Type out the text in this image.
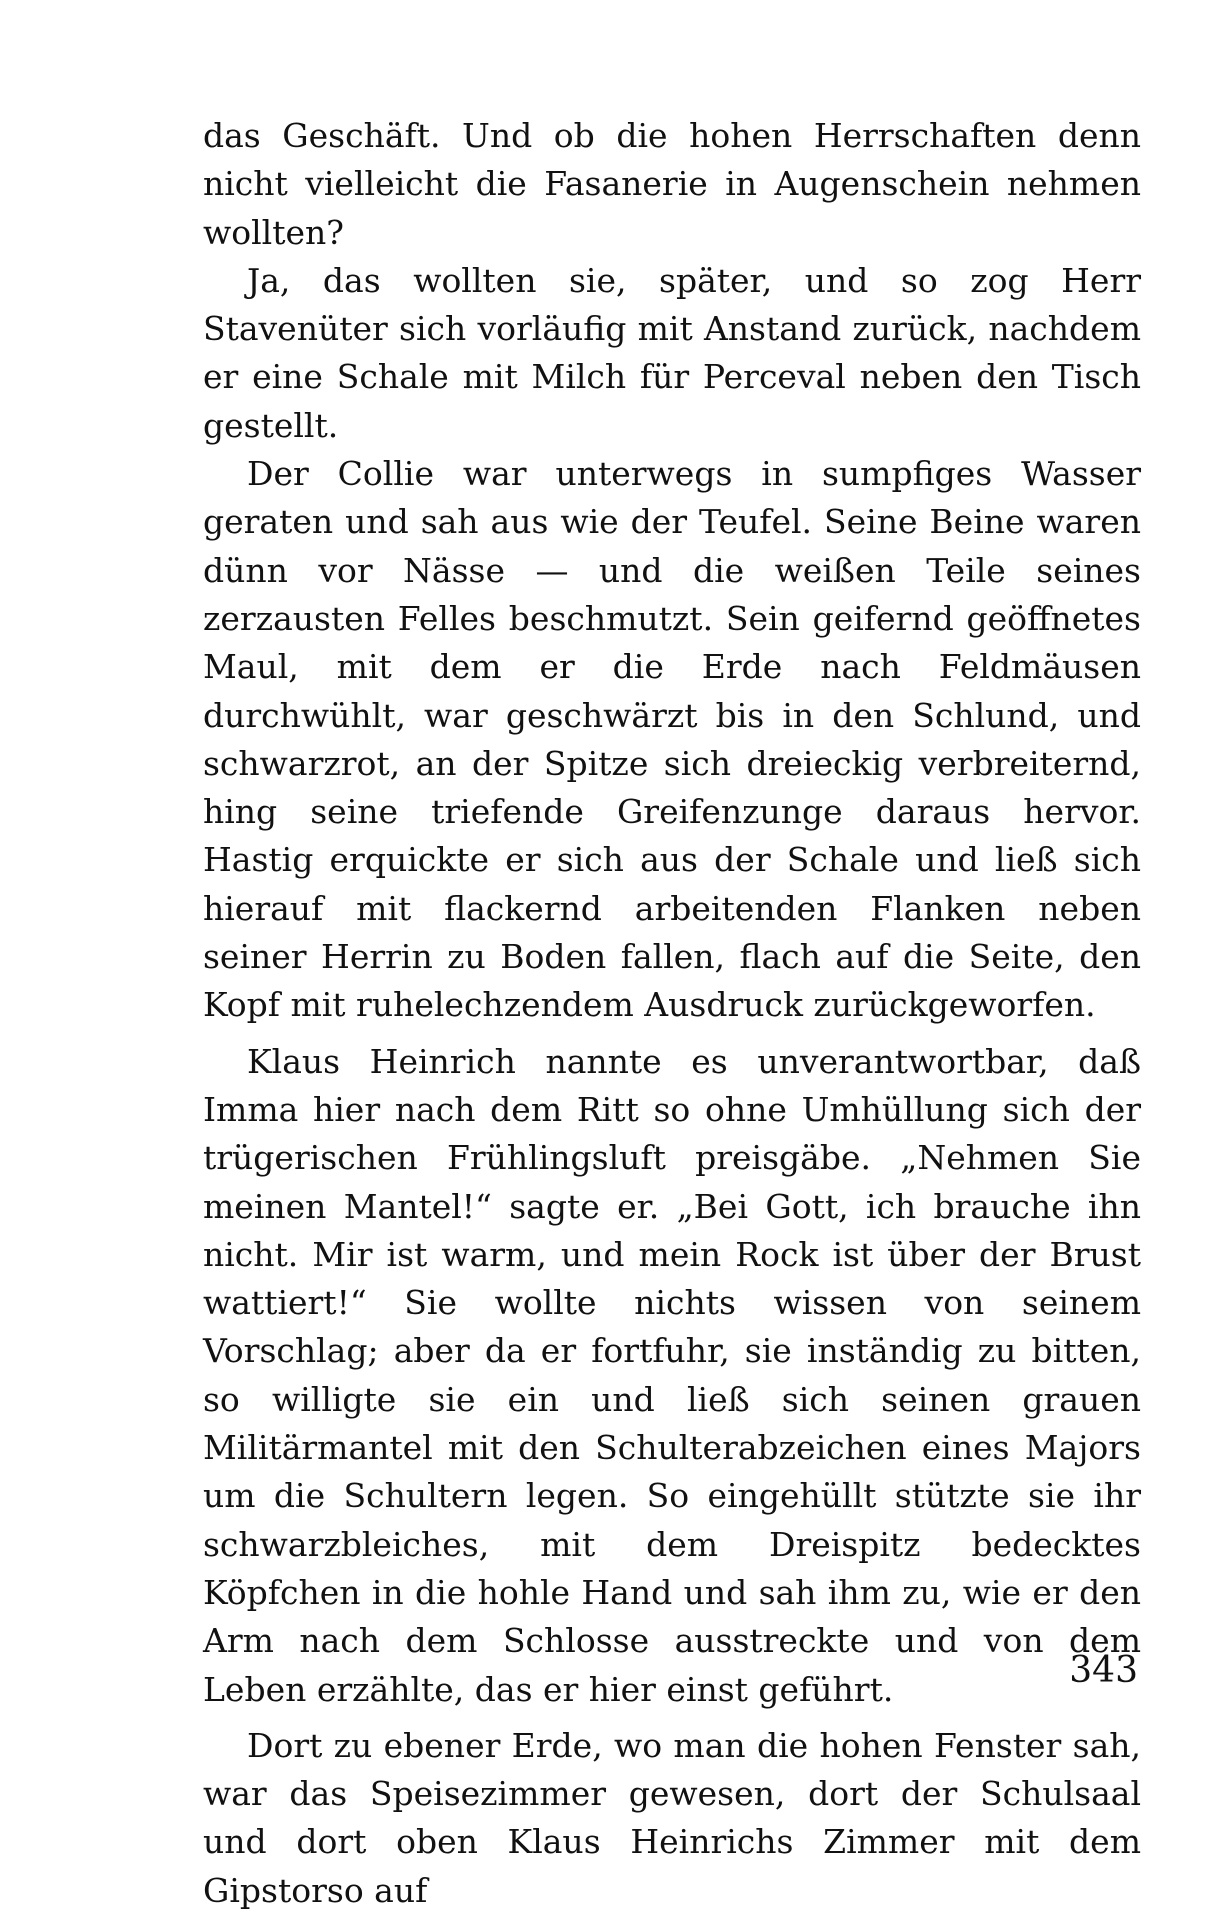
das Geschäft. Und ob die hohen Herrschaften denn nicht vielleicht die Fasanerie in Augenschein nehmen wollten?

Ja, das wollten sie, später, und so zog Herr Stavenüter sich vorläufig mit Anstand zurück, nachdem er eine Schale mit Milch für Perceval neben den Tisch gestellt.

Der Collie war unterwegs in sumpfiges Wasser geraten und sah aus wie der Teufel. Seine Beine waren dünn vor Nässe — und die weißen Teile seines zerzausten Felles beschmutzt. Sein geifernd geöffnetes Maul, mit dem er die Erde nach Feldmäusen durchwühlt, war geschwärzt bis in den Schlund, und schwarzrot, an der Spitze sich dreieckig verbreiternd, hing seine triefende Greifenzunge daraus hervor. Hastig erquickte er sich aus der Schale und ließ sich hierauf mit flackernd arbeitenden Flanken neben seiner Herrin zu Boden fallen, flach auf die Seite, den Kopf mit ruhelechzendem Ausdruck zurückgeworfen.

Klaus Heinrich nannte es unverantwortbar, daß Imma hier nach dem Ritt so ohne Umhüllung sich der trügerischen Frühlingsluft preisgäbe. „Nehmen Sie meinen Mantel!“ sagte er. „Bei Gott, ich brauche ihn nicht. Mir ist warm, und mein Rock ist über der Brust wattiert!“ Sie wollte nichts wissen von seinem Vorschlag; aber da er fortfuhr, sie inständig zu bitten, so willigte sie ein und ließ sich seinen grauen Militärmantel mit den Schulterabzeichen eines Majors um die Schultern legen. So eingehüllt stützte sie ihr schwarzbleiches, mit dem Dreispitz bedecktes Köpfchen in die hohle Hand und sah ihm zu, wie er den Arm nach dem Schlosse ausstreckte und von dem Leben erzählte, das er hier einst geführt.

Dort zu ebener Erde, wo man die hohen Fenster sah, war das Speisezimmer gewesen, dort der Schulsaal und dort oben Klaus Heinrichs Zimmer mit dem Gipstorso auf

343
